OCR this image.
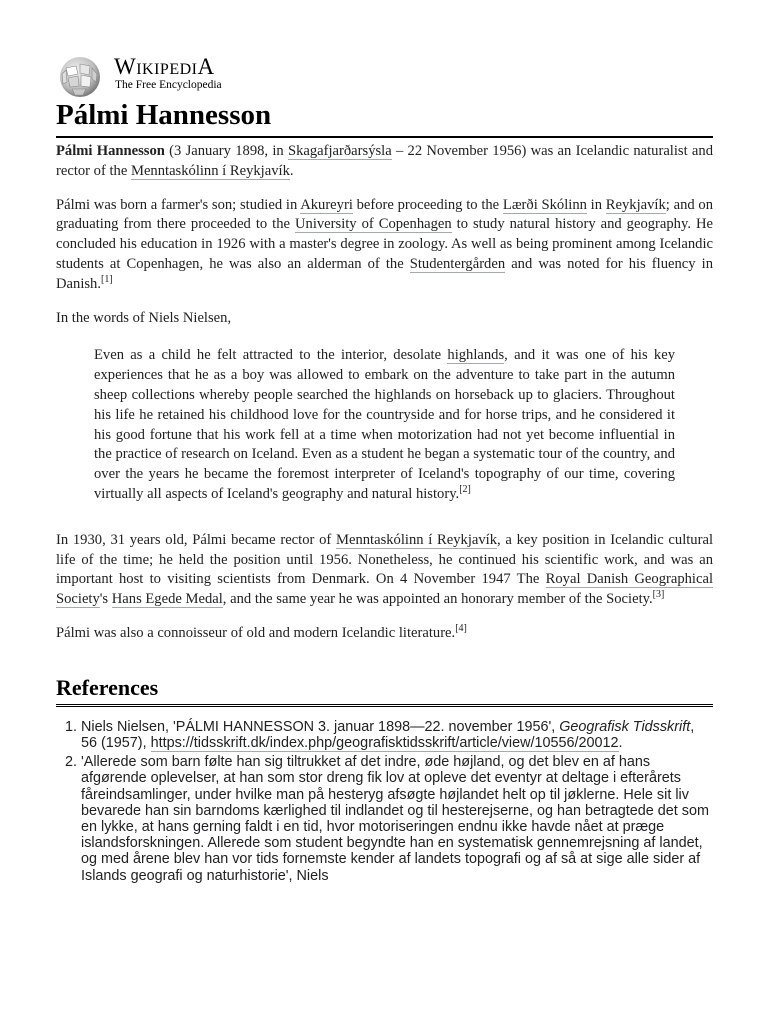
WikipediA
The Free Encyclopedia
Pálmi Hannesson

Pálmi Hannesson (3 January 1898, in Skagafjarðarsýsla – 22 November 1956) was an Icelandic naturalist and rector of the Menntaskólinn í Reykjavík.

Pálmi was born a farmer's son; studied in Akureyri before proceeding to the Lærði Skólinn in Reykjavík; and on graduating from there proceeded to the University of Copenhagen to study natural history and geography. He concluded his education in 1926 with a master's degree in zoology. As well as being prominent among Icelandic students at Copenhagen, he was also an alderman of the Studentergården and was noted for his fluency in Danish.[1]

In the words of Niels Nielsen,

Even as a child he felt attracted to the interior, desolate highlands, and it was one of his key experiences that he as a boy was allowed to embark on the adventure to take part in the autumn sheep collections whereby people searched the highlands on horseback up to glaciers. Throughout his life he retained his childhood love for the countryside and for horse trips, and he considered it his good fortune that his work fell at a time when motorization had not yet become influential in the practice of research on Iceland. Even as a student he began a systematic tour of the country, and over the years he became the foremost interpreter of Iceland's topography of our time, covering virtually all aspects of Iceland's geography and natural history.[2]

In 1930, 31 years old, Pálmi became rector of Menntaskólinn í Reykjavík, a key position in Icelandic cultural life of the time; he held the position until 1956. Nonetheless, he continued his scientific work, and was an important host to visiting scientists from Denmark. On 4 November 1947 The Royal Danish Geographical Society's Hans Egede Medal, and the same year he was appointed an honorary member of the Society.[3]

Pálmi was also a connoisseur of old and modern Icelandic literature.[4]

References
1. Niels Nielsen, 'PÁLMI HANNESSON 3. januar 1898—22. november 1956', Geografisk Tidsskrift, 56 (1957), https://tidsskrift.dk/index.php/geografisktidsskrift/article/view/10556/20012.
2. 'Allerede som barn følte han sig tiltrukket af det indre, øde højland, og det blev en af hans afgørende oplevelser, at han som stor dreng fik lov at opleve det eventyr at deltage i efterårets fåreindsamlinger, under hvilke man på hesteryg afsøgte højlandet helt op til jøklerne. Hele sit liv bevarede han sin barndoms kærlighed til indlandet og til hesterejserne, og han betragtede det som en lykke, at hans gerning faldt i en tid, hvor motoriseringen endnu ikke havde nået at præge islandsforskningen. Allerede som student begyndte han en systematisk gennemrejsning af landet, og med årene blev han vor tids fornemste kender af landets topografi og af så at sige alle sider af Islands geografi og naturhistorie', Niels
